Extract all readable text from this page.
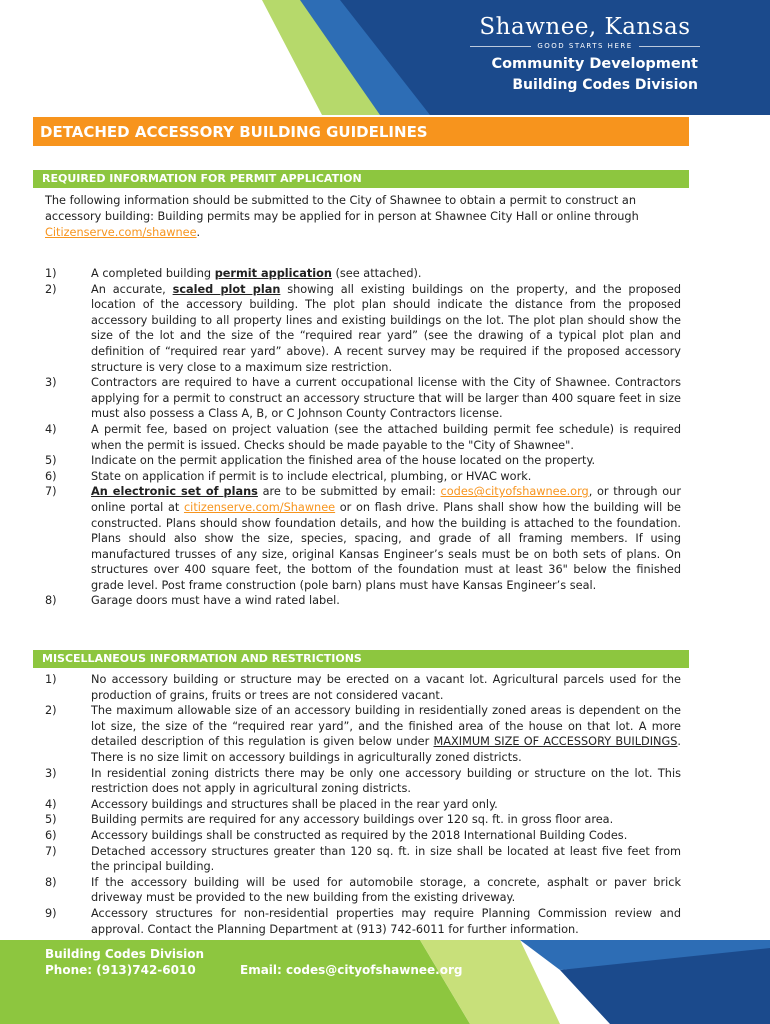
Shawnee, Kansas
GOOD STARTS HERE
Community Development
Building Codes Division
DETACHED ACCESSORY BUILDING GUIDELINES
REQUIRED INFORMATION FOR PERMIT APPLICATION
The following information should be submitted to the City of Shawnee to obtain a permit to construct an accessory building: Building permits may be applied for in person at Shawnee City Hall or online through Citizenserve.com/shawnee.
1)	A completed building permit application (see attached).
2)	An accurate, scaled plot plan showing all existing buildings on the property, and the proposed location of the accessory building. The plot plan should indicate the distance from the proposed accessory building to all property lines and existing buildings on the lot. The plot plan should show the size of the lot and the size of the “required rear yard” (see the drawing of a typical plot plan and definition of “required rear yard” above). A recent survey may be required if the proposed accessory structure is very close to a maximum size restriction.
3)	Contractors are required to have a current occupational license with the City of Shawnee. Contractors applying for a permit to construct an accessory structure that will be larger than 400 square feet in size must also possess a Class A, B, or C Johnson County Contractors license.
4)	A permit fee, based on project valuation (see the attached building permit fee schedule) is required when the permit is issued. Checks should be made payable to the "City of Shawnee".
5)	Indicate on the permit application the finished area of the house located on the property.
6)	State on application if permit is to include electrical, plumbing, or HVAC work.
7)	An electronic set of plans are to be submitted by email: codes@cityofshawnee.org, or through our online portal at citizenserve.com/Shawnee or on flash drive. Plans shall show how the building will be constructed. Plans should show foundation details, and how the building is attached to the foundation. Plans should also show the size, species, spacing, and grade of all framing members. If using manufactured trusses of any size, original Kansas Engineer’s seals must be on both sets of plans. On structures over 400 square feet, the bottom of the foundation must at least 36" below the finished grade level. Post frame construction (pole barn) plans must have Kansas Engineer’s seal.
8)	Garage doors must have a wind rated label.
MISCELLANEOUS INFORMATION AND RESTRICTIONS
1)	No accessory building or structure may be erected on a vacant lot. Agricultural parcels used for the production of grains, fruits or trees are not considered vacant.
2)	The maximum allowable size of an accessory building in residentially zoned areas is dependent on the lot size, the size of the “required rear yard”, and the finished area of the house on that lot. A more detailed description of this regulation is given below under MAXIMUM SIZE OF ACCESSORY BUILDINGS. There is no size limit on accessory buildings in agriculturally zoned districts.
3)	In residential zoning districts there may be only one accessory building or structure on the lot. This restriction does not apply in agricultural zoning districts.
4)	Accessory buildings and structures shall be placed in the rear yard only.
5)	Building permits are required for any accessory buildings over 120 sq. ft. in gross floor area.
6)	Accessory buildings shall be constructed as required by the 2018 International Building Codes.
7)	Detached accessory structures greater than 120 sq. ft. in size shall be located at least five feet from the principal building.
8)	If the accessory building will be used for automobile storage, a concrete, asphalt or paver brick driveway must be provided to the new building from the existing driveway.
9)	Accessory structures for non-residential properties may require Planning Commission review and approval. Contact the Planning Department at (913) 742-6011 for further information.
Building Codes Division
Phone: (913)742-6010	Email: codes@cityofshawnee.org
